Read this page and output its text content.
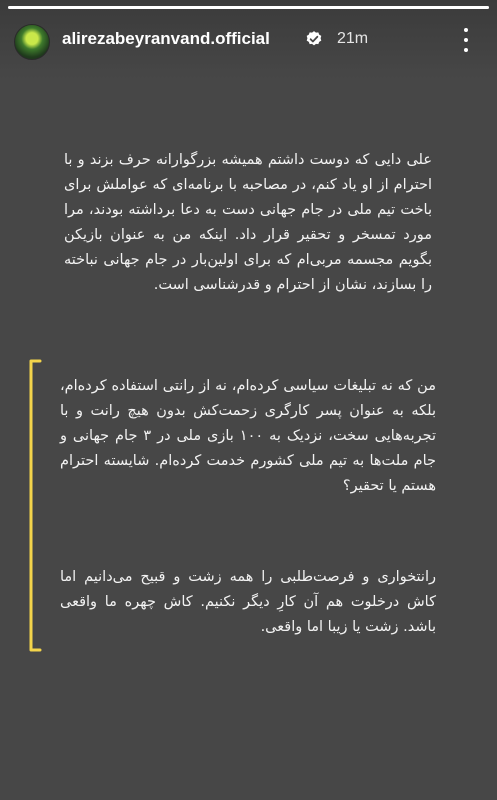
alirezabeyranvand.official	21m
علی دایی که دوست داشتم همیشه بزرگوارانه حرف بزند و با احترام از او یاد کنم، در مصاحبه با برنامه‌ای که عواملش برای باخت تیم ملی در جام جهانی دست به دعا برداشته بودند، مرا مورد تمسخر و تحقیر قرار داد. اینکه من به عنوان بازیکن بگویم مجسمه مربی‌ام که برای اولین‌بار در جام جهانی نباخته را بسازند، نشان از احترام و قدرشناسی است.
من که نه تبلیغات سیاسی کرده‌ام، نه از رانتی استفاده کرده‌ام، بلکه به عنوان پسر کارگری زحمت‌کش بدون هیچ رانت و با تجربه‌هایی سخت، نزدیک به ۱۰۰ بازی ملی در ۳ جام جهانی و جام ملت‌ها به تیم ملی کشورم خدمت کرده‌ام. شایسته احترام هستم یا تحقیر؟
رانتخواری و فرصت‌طلبی را همه زشت و قبیح می‌دانیم اما کاش درخلوت هم آن کارِ دیگر نکنیم. کاش چهره ما واقعی باشد. زشت یا زیبا اما واقعی.
